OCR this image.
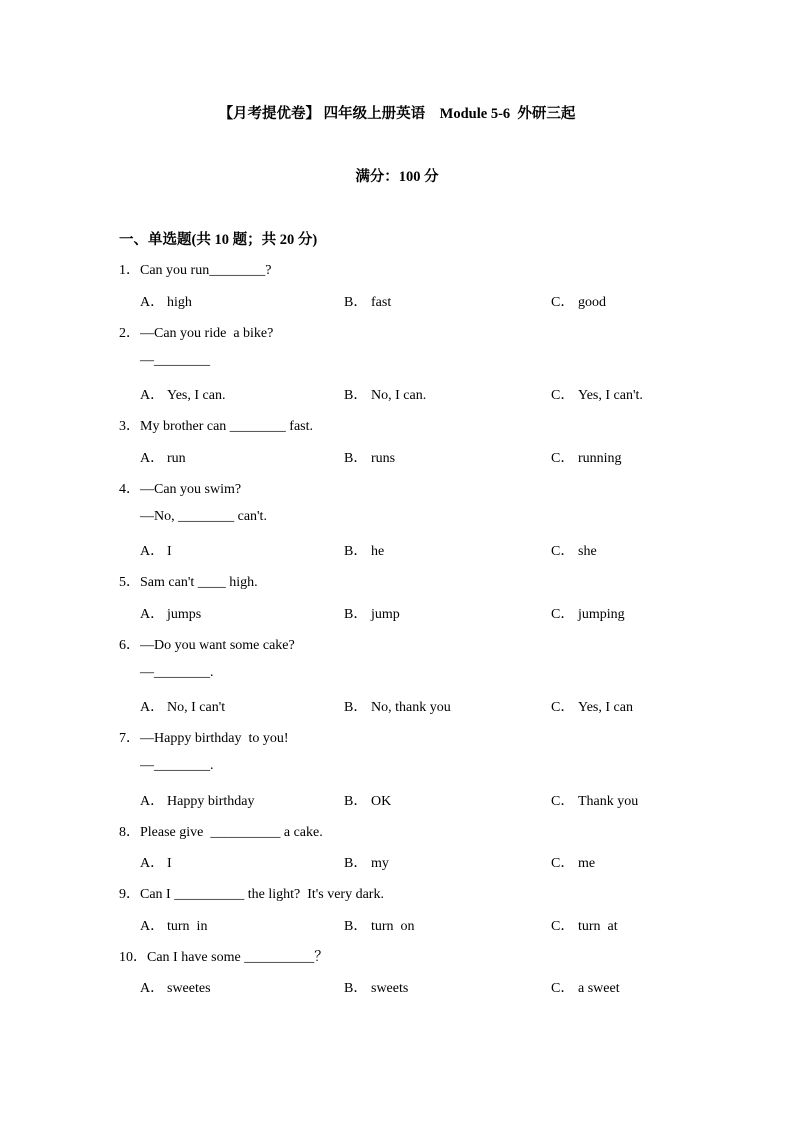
【月考提优卷】 四年级上册英语    Module 5-6  外研三起
满分：100 分
一、单选题(共 10 题；共 20 分)
1．Can you run________?
A． high	B． fast	C． good
2．—Can you ride  a bike?
—________
A． Yes, I can.	B． No, I can.	C． Yes, I can't.
3．My brother can ________ fast.
A． run	B． runs	C． running
4．—Can you swim?
—No, ________ can't.
A． I	B． he	C． she
5．Sam can't ____ high.
A． jumps	B． jump	C． jumping
6．—Do you want some cake?
—________.
A． No, I can't	B． No, thank you	C． Yes, I can
7．—Happy birthday  to you!
—________.
A． Happy birthday	B． OK	C． Thank you
8．Please give  __________ a cake.
A． I	B． my	C． me
9．Can I __________ the light?  It's very dark.
A． turn  in	B． turn  on	C． turn  at
10．Can I have some __________？
A． sweetes	B． sweets	C． a sweet
